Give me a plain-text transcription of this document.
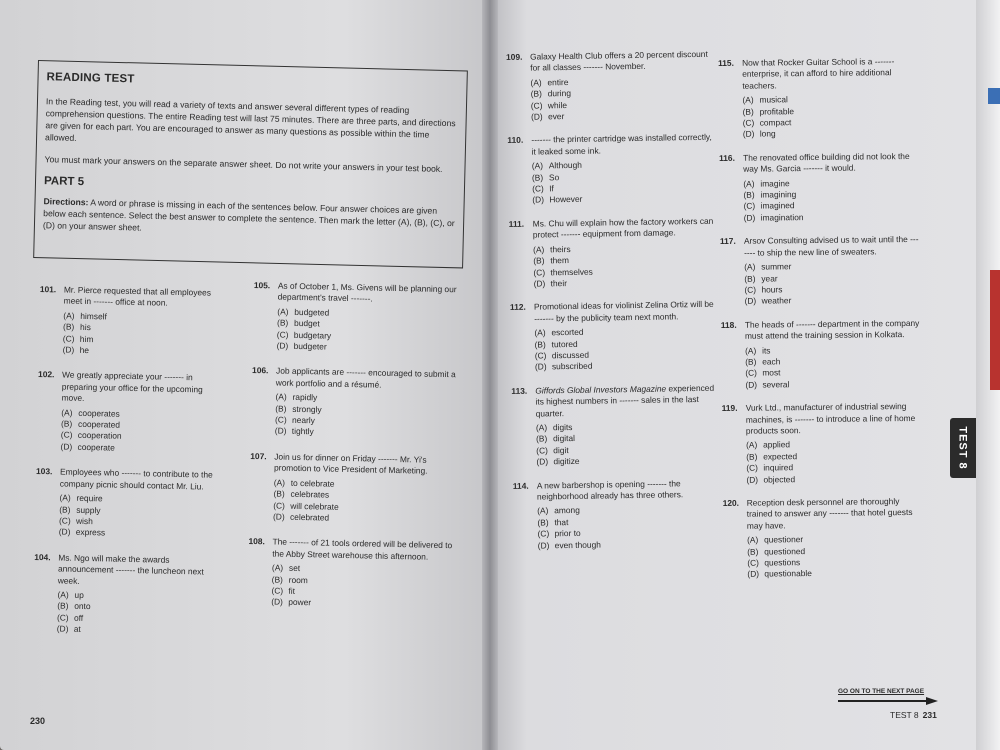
READING TEST

In the Reading test, you will read a variety of texts and answer several different types of reading comprehension questions. The entire Reading test will last 75 minutes. There are three parts, and directions are given for each part. You are encouraged to answer as many questions as possible within the time allowed.

You must mark your answers on the separate answer sheet. Do not write your answers in your test book.

PART 5

Directions: A word or phrase is missing in each of the sentences below. Four answer choices are given below each sentence. Select the best answer to complete the sentence. Then mark the letter (A), (B), (C), or (D) on your answer sheet.

101. Mr. Pierce requested that all employees meet in ------- office at noon.
(A) himself
(B) his
(C) him
(D) he
102. We greatly appreciate your ------- in preparing your office for the upcoming move.
(A) cooperates
(B) cooperated
(C) cooperation
(D) cooperate
103. Employees who ------- to contribute to the company picnic should contact Mr. Liu.
(A) require
(B) supply
(C) wish
(D) express
104. Ms. Ngo will make the awards announcement ------- the luncheon next week.
(A) up
(B) onto
(C) off
(D) at
105. As of October 1, Ms. Givens will be planning our department's travel -------.
(A) budgeted
(B) budget
(C) budgetary
(D) budgeter
106. Job applicants are ------- encouraged to submit a work portfolio and a résumé.
(A) rapidly
(B) strongly
(C) nearly
(D) tightly
107. Join us for dinner on Friday ------- Mr. Yi's promotion to Vice President of Marketing.
(A) to celebrate
(B) celebrates
(C) will celebrate
(D) celebrated
108. The ------- of 21 tools ordered will be delivered to the Abby Street warehouse this afternoon.
(A) set
(B) room
(C) fit
(D) power
109. Galaxy Health Club offers a 20 percent discount for all classes ------- November.
(A) entire
(B) during
(C) while
(D) ever
110. ------- the printer cartridge was installed correctly, it leaked some ink.
(A) Although
(B) So
(C) If
(D) However
111.	Ms. Chu will explain how the factory workers can protect ------- equipment from damage.
(A) theirs
(B) them
(C) themselves
(D) their
112. Promotional ideas for violinist Zelina Ortiz will be ------- by the publicity team next month.
(A) escorted
(B) tutored
(C) discussed
(D) subscribed
113. Giffords Global Investors Magazine experienced its highest numbers in ------- sales in the last quarter.
(A) digits
(B) digital
(C) digit
(D) digitize
114. A new barbershop is opening ------- the neighborhood already has three others.
(A) among
(B) that
(C) prior to
(D) even though
115. Now that Rocker Guitar School is a ------- enterprise, it can afford to hire additional teachers.
(A) musical
(B) profitable
(C) compact
(D) long
116. The renovated office building did not look the way Ms. Garcia ------- it would.
(A) imagine
(B) imagining
(C) imagined
(D) imagination
117. Arsov Consulting advised us to wait until the ------- to ship the new line of sweaters.
(A) summer
(B) year
(C) hours
(D) weather
118. The heads of ------- department in the company must attend the training session in Kolkata.
(A) its
(B) each
(C) most
(D) several
119. Vurk Ltd., manufacturer of industrial sewing machines, is ------- to introduce a line of home products soon.
(A) applied
(B) expected
(C) inquired
(D) objected
120. Reception desk personnel are thoroughly trained to answer any ------- that hotel guests may have.
(A) questioner
(B) questioned
(C) questions
(D) questionable
230
GO ON TO THE NEXT PAGE
TEST 8 231
TEST 8
